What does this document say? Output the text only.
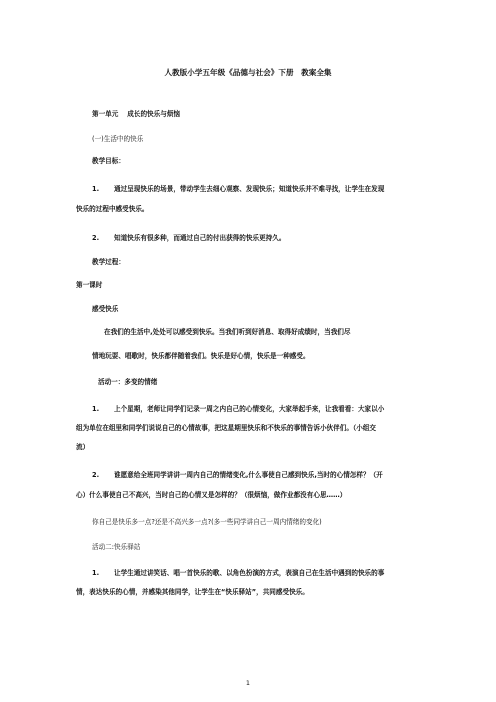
人教版小学五年级《品德与社会》下册　教案全集
第一单元　 成长的快乐与烦恼
(一)生活中的快乐
教学目标：
1. 通过呈现快乐的场景，带动学生去细心观察、发现快乐；知道快乐并不难寻找，让学生在发现
快乐的过程中感受快乐。
2. 知道快乐有很多种，而通过自己的付出获得的快乐更持久。
教学过程：
第一课时
感受快乐
在我们的生活中,处处可以感受到快乐。当我们听到好消息、取得好成绩时，当我们尽
情地玩耍、唱歌时，快乐都伴随着我们。快乐是好心情，快乐是一种感受。
活动一：多变的情绪
1. 上个星期，老师让同学们记录一周之内自己的心情变化，大家举起手来，让我看看：大家以小
组为单位在组里和同学们说说自己的心情故事，把这星期里快乐和不快乐的事情告诉小伙伴们。（小组交
流）
2. 谁愿意给全班同学讲讲一周内自己的情绪变化,什么事使自己感到快乐,当时的心情怎样？（开
心）什么事使自己不高兴，当时自己的心情又是怎样的？（很烦恼，做作业都没有心思……）
你自己是快乐多一点?还是不高兴多一点?(多一些同学讲自己一周内情绪的变化)
活动二:快乐驿站
1. 让学生通过讲笑话、唱一首快乐的歌、以角色扮演的方式，表演自己在生活中遇到的快乐的事
情，表达快乐的心情，并感染其他同学，让学生在“快乐驿站”，共同感受快乐。
1
